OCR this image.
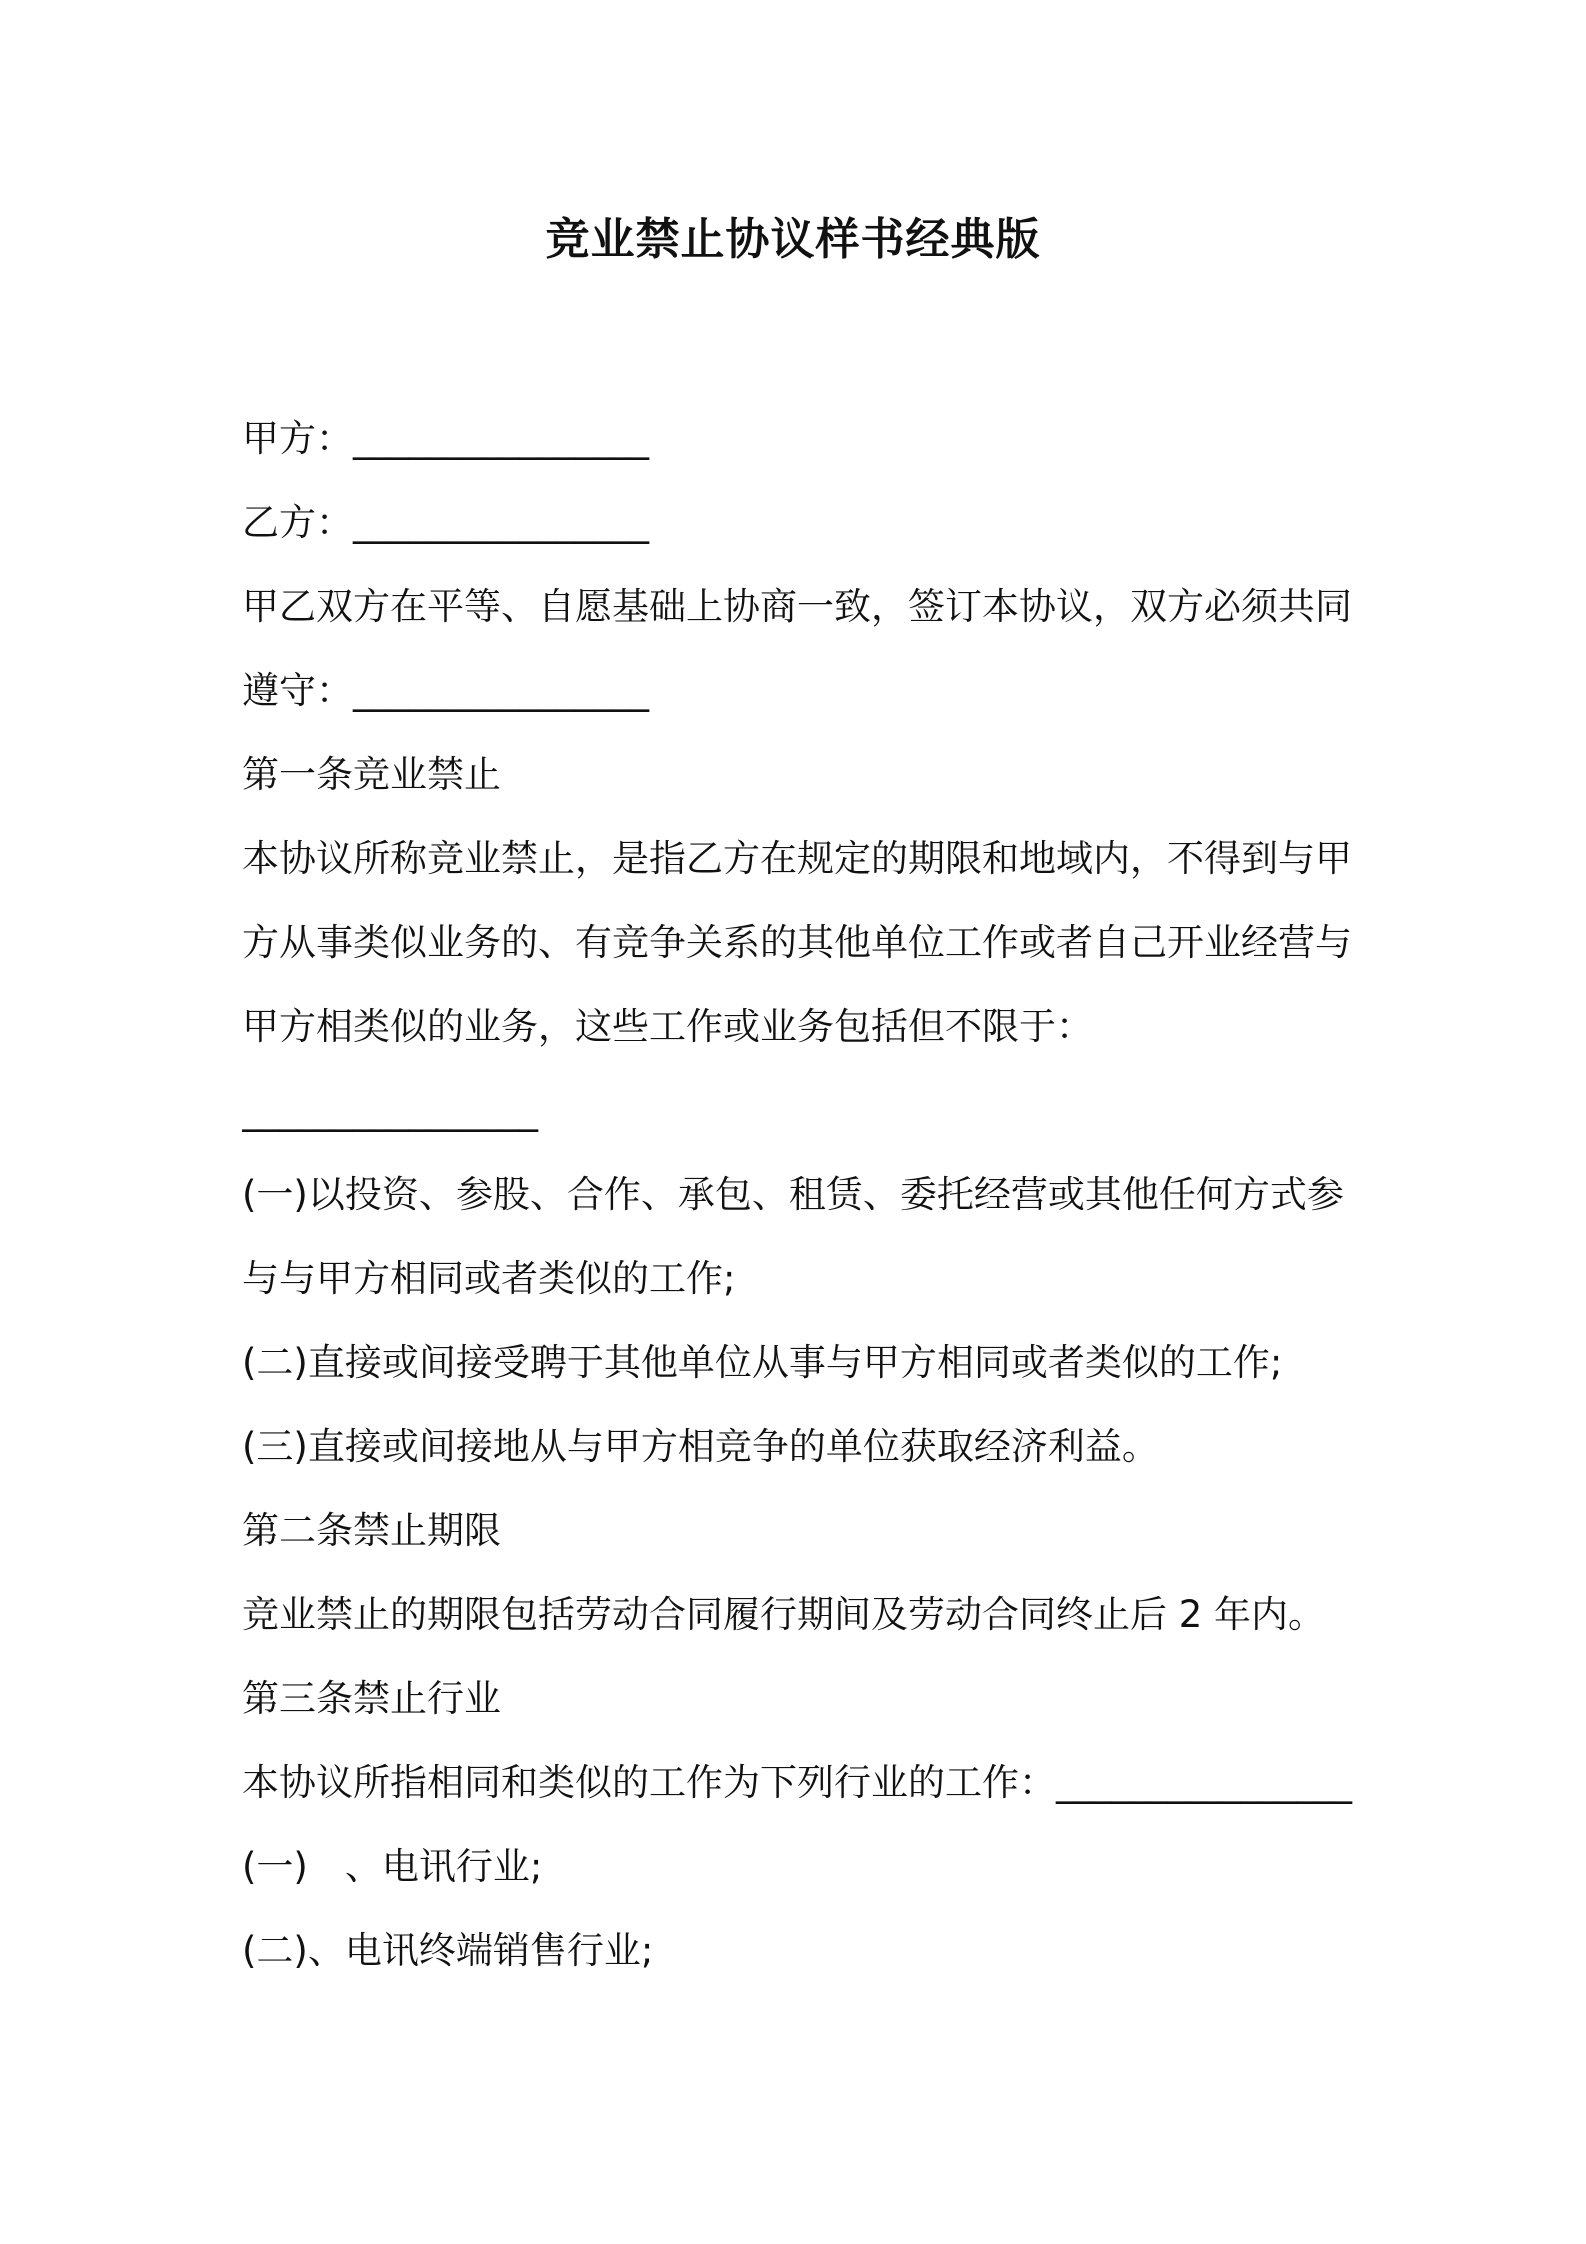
竞业禁止协议样书经典版
甲方：________________
乙方：________________
甲乙双方在平等、自愿基础上协商一致，签订本协议，双方必须共同
遵守：________________
第一条竞业禁止
本协议所称竞业禁止，是指乙方在规定的期限和地域内，不得到与甲
方从事类似业务的、有竞争关系的其他单位工作或者自己开业经营与
甲方相类似的业务，这些工作或业务包括但不限于：
________________
(一)以投资、参股、合作、承包、租赁、委托经营或其他任何方式参
与与甲方相同或者类似的工作;
(二)直接或间接受聘于其他单位从事与甲方相同或者类似的工作;
(三)直接或间接地从与甲方相竞争的单位获取经济利益。
第二条禁止期限
竞业禁止的期限包括劳动合同履行期间及劳动合同终止后 2 年内。
第三条禁止行业
本协议所指相同和类似的工作为下列行业的工作：________________
(一)　、电讯行业;
(二)、电讯终端销售行业;
